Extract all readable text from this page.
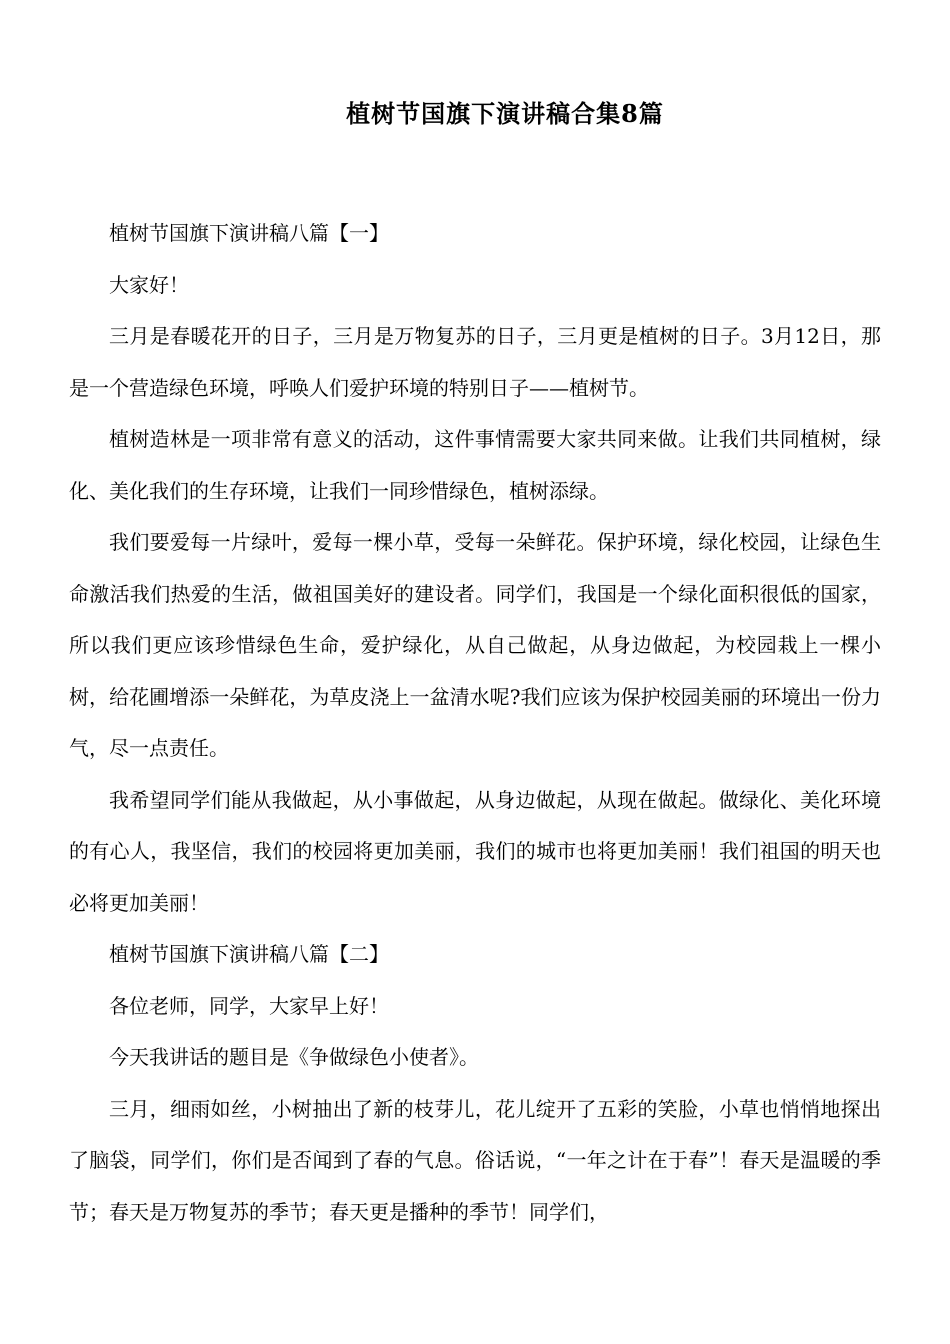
植树节国旗下演讲稿合集8篇

植树节国旗下演讲稿八篇【一】

大家好！

三月是春暖花开的日子，三月是万物复苏的日子，三月更是植树的日子。3月12日，那是一个营造绿色环境，呼唤人们爱护环境的特别日子——植树节。

植树造林是一项非常有意义的活动，这件事情需要大家共同来做。让我们共同植树，绿化、美化我们的生存环境，让我们一同珍惜绿色，植树添绿。

我们要爱每一片绿叶，爱每一棵小草，受每一朵鲜花。保护环境，绿化校园，让绿色生命激活我们热爱的生活，做祖国美好的建设者。同学们，我国是一个绿化面积很低的国家，所以我们更应该珍惜绿色生命，爱护绿化，从自己做起，从身边做起，为校园栽上一棵小树，给花圃增添一朵鲜花，为草皮浇上一盆清水呢?我们应该为保护校园美丽的环境出一份力气，尽一点责任。

我希望同学们能从我做起，从小事做起，从身边做起，从现在做起。做绿化、美化环境的有心人，我坚信，我们的校园将更加美丽，我们的城市也将更加美丽！我们祖国的明天也必将更加美丽！

植树节国旗下演讲稿八篇【二】

各位老师，同学，大家早上好！

今天我讲话的题目是《争做绿色小使者》。

三月，细雨如丝，小树抽出了新的枝芽儿，花儿绽开了五彩的笑脸，小草也悄悄地探出了脑袋，同学们，你们是否闻到了春的气息。俗话说，“一年之计在于春”！春天是温暖的季节；春天是万物复苏的季节；春天更是播种的季节！同学们，
